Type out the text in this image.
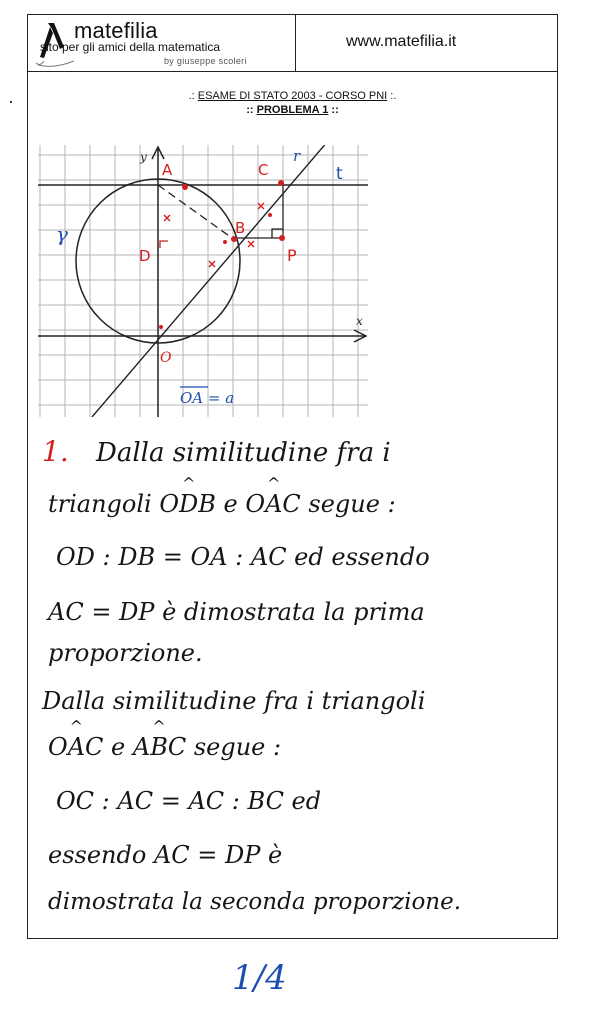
matefilia
sito per gli amici della matematica
by giuseppe scoleri
www.matefilia.it
.: ESAME DI STATO 2003 - CORSO PNI :.
:: PROBLEMA 1 ::
y
x
A	C
B
D	P
O
r
t
γ
OA = a
1. Dalla similitudine fra i
triangoli O^ DB e O^ AC segue :
OD : DB = OA : AC ed essendo
AC = DP è dimostrata la prima
proporzione.
Dalla similitudine fra i triangoli
O^ AC e A^ BC segue :
OC : AC = AC : BC ed
essendo AC = DP è
dimostrata la seconda proporzione.
1/4
